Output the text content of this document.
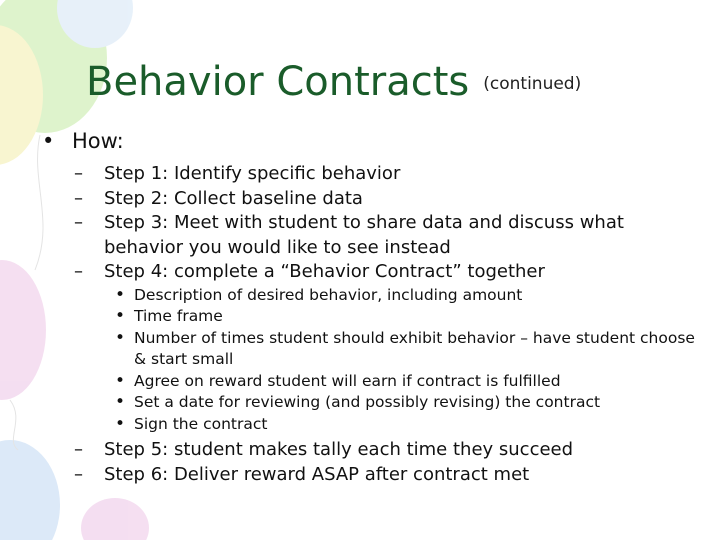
Behavior Contracts $^{(continued)}$
• How:
– Step 1: Identify specific behavior
– Step 2: Collect baseline data
– Step 3: Meet with student to share data and discuss what behavior you would like to see instead
– Step 4: complete a “Behavior Contract” together
• Description of desired behavior, including amount
• Time frame
• Number of times student should exhibit behavior – have student choose & start small
• Agree on reward student will earn if contract is fulfilled
• Set a date for reviewing (and possibly revising) the contract
• Sign the contract
– Step 5: student makes tally each time they succeed
– Step 6: Deliver reward ASAP after contract met
